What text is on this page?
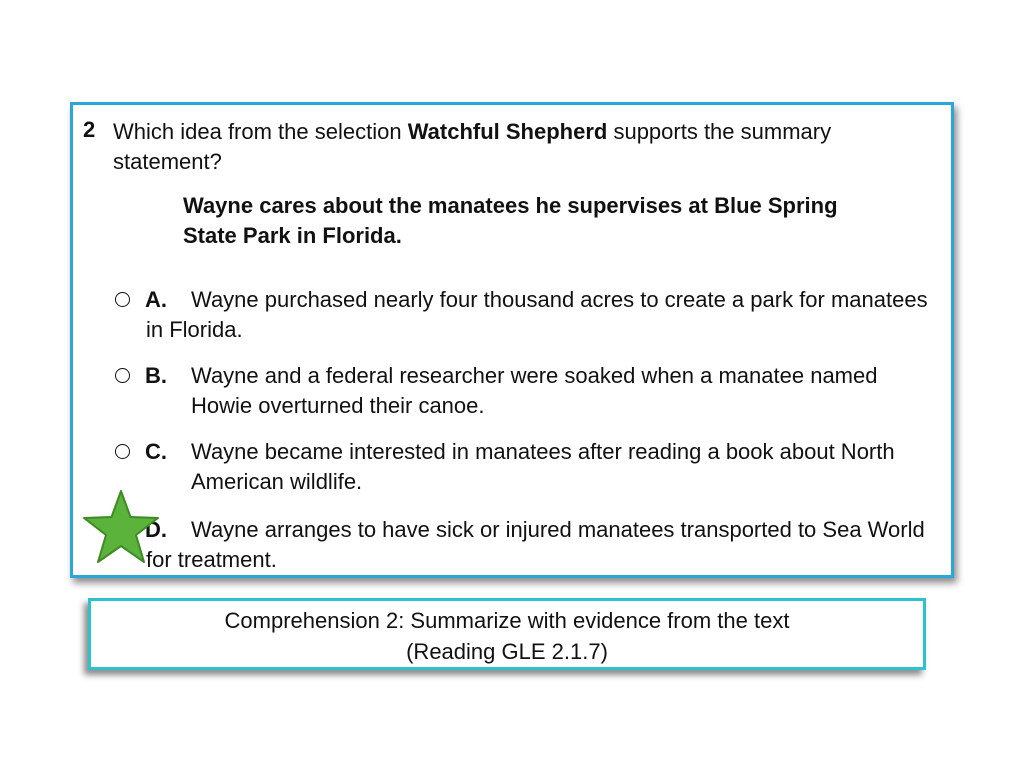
2 Which idea from the selection Watchful Shepherd supports the summary statement?
Wayne cares about the manatees he supervises at Blue Spring State Park in Florida.
A.	Wayne purchased nearly four thousand acres to create a park for manatees in Florida.
B.	Wayne and a federal researcher were soaked when a manatee named Howie overturned their canoe.
C.	Wayne became interested in manatees after reading a book about North American wildlife.
D.	Wayne arranges to have sick or injured manatees transported to Sea World for treatment.
Comprehension 2: Summarize with evidence from the text
(Reading GLE 2.1.7)
